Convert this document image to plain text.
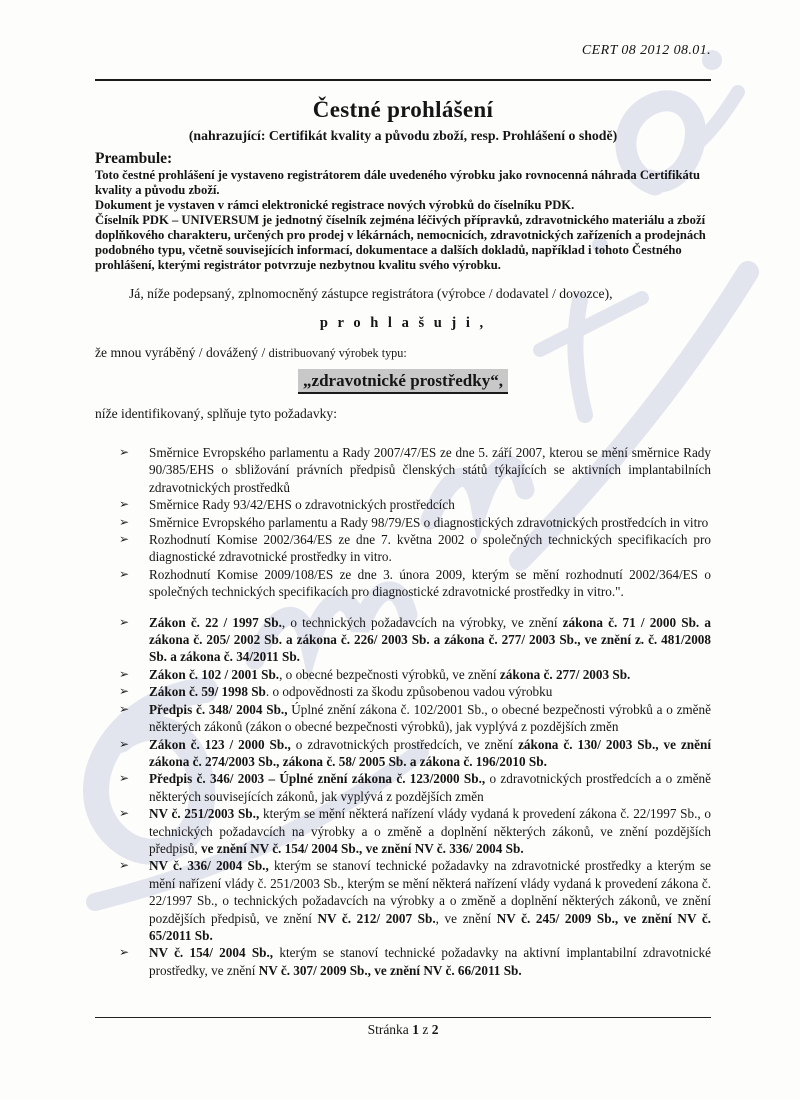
CERT 08 2012 08.01.
Čestné prohlášení
(nahrazující: Certifikát kvality a původu zboží, resp. Prohlášení o shodě)
Preambule:

Toto čestné prohlášení je vystaveno registrátorem dále uvedeného výrobku jako rovnocenná náhrada Certifikátu kvality a původu zboží.

Dokument je vystaven v rámci elektronické registrace nových výrobků do číselníku PDK.

Číselník PDK – UNIVERSUM je jednotný číselník zejména léčivých přípravků, zdravotnického materiálu a zboží doplňkového charakteru, určených pro prodej v lékárnách, nemocnicích, zdravotnických zařízeních a prodejnách podobného typu, včetně souvisejících informací, dokumentace a dalších dokladů, například i tohoto Čestného prohlášení, kterými registrátor potvrzuje nezbytnou kvalitu svého výrobku.

Já, níže podepsaný, zplnomocněný zástupce registrátora (výrobce / dodavatel / dovozce),

p r o h l a š u j i ,

že mnou vyráběný / dovážený / distribuovaný výrobek typu:

„zdravotnické prostředky“,

níže identifikovaný, splňuje tyto požadavky:

➢	Směrnice Evropského parlamentu a Rady 2007/47/ES ze dne 5. září 2007, kterou se mění směrnice Rady 90/385/EHS o sbližování právních předpisů členských států týkajících se aktivních implantabilních zdravotnických prostředků
➢	Směrnice Rady 93/42/EHS o zdravotnických prostředcích
➢	Směrnice Evropského parlamentu a Rady 98/79/ES o diagnostických zdravotnických prostředcích in vitro
➢	Rozhodnutí Komise 2002/364/ES ze dne 7. května 2002 o společných technických specifikacích pro diagnostické zdravotnické prostředky in vitro.
➢	Rozhodnutí Komise 2009/108/ES ze dne 3. února 2009, kterým se mění rozhodnutí 2002/364/ES o společných technických specifikacích pro diagnostické zdravotnické prostředky in vitro.".
➢	Zákon č. 22 / 1997 Sb., o technických požadavcích na výrobky, ve znění zákona č. 71 / 2000 Sb. a zákona č. 205/ 2002 Sb. a zákona č. 226/ 2003 Sb. a zákona č. 277/ 2003 Sb., ve znění z. č. 481/2008 Sb. a zákona č. 34/2011 Sb.
➢	Zákon č. 102 / 2001 Sb., o obecné bezpečnosti výrobků, ve znění zákona č. 277/ 2003 Sb.
➢	Zákon č. 59/ 1998 Sb. o odpovědnosti za škodu způsobenou vadou výrobku
➢	Předpis č. 348/ 2004 Sb., Úplné znění zákona č. 102/2001 Sb., o obecné bezpečnosti výrobků a o změně některých zákonů (zákon o obecné bezpečnosti výrobků), jak vyplývá z pozdějších změn
➢	Zákon č. 123 / 2000 Sb., o zdravotnických prostředcích, ve znění zákona č. 130/ 2003 Sb., ve znění zákona č. 274/2003 Sb., zákona č. 58/ 2005 Sb. a zákona č. 196/2010 Sb.
➢	Předpis č. 346/ 2003 – Úplné znění zákona č. 123/2000 Sb., o zdravotnických prostředcích a o změně některých souvisejících zákonů, jak vyplývá z pozdějších změn
➢	NV č. 251/2003 Sb., kterým se mění některá nařízení vlády vydaná k provedení zákona č. 22/1997 Sb., o technických požadavcích na výrobky a o změně a doplnění některých zákonů, ve znění pozdějších předpisů, ve znění NV č. 154/ 2004 Sb., ve znění NV č. 336/ 2004 Sb.
➢	NV č. 336/ 2004 Sb., kterým se stanoví technické požadavky na zdravotnické prostředky a kterým se mění nařízení vlády č. 251/2003 Sb., kterým se mění některá nařízení vlády vydaná k provedení zákona č. 22/1997 Sb., o technických požadavcích na výrobky a o změně a doplnění některých zákonů, ve znění pozdějších předpisů, ve znění NV č. 212/ 2007 Sb., ve znění NV č. 245/ 2009 Sb., ve znění NV č. 65/2011 Sb.
➢	NV č. 154/ 2004 Sb., kterým se stanoví technické požadavky na aktivní implantabilní zdravotnické prostředky, ve znění NV č. 307/ 2009 Sb., ve znění NV č. 66/2011 Sb.
Stránka 1 z 2
